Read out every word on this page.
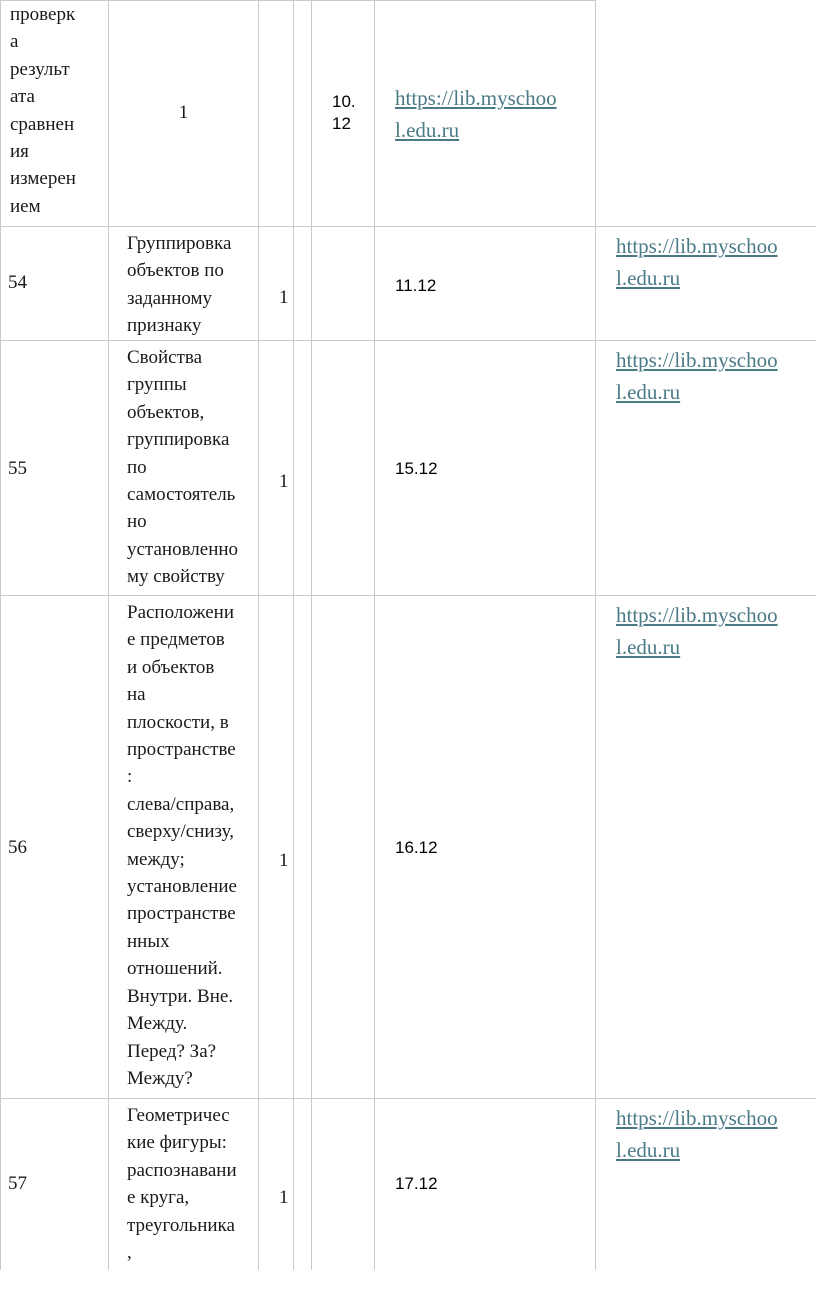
проверк
а
результ
ата
сравнен
ия
измерен
ием
1
10.
12
https://lib.myschoo
l.edu.ru
54
Группировка
объектов по
заданному
признаку
1
11.12
https://lib.myschoo
l.edu.ru
55
Свойства
группы
объектов,
группировка
по
самостоятель
но
установленно
му свойству
1
15.12
https://lib.myschoo
l.edu.ru
56
Расположени
е предметов
и объектов
на
плоскости, в
пространстве
:
слева/справа,
сверху/снизу,
между;
установление
пространстве
нных
отношений.
Внутри. Вне.
Между.
Перед? За?
Между?
1
16.12
https://lib.myschoo
l.edu.ru
57
Геометричес
кие фигуры:
распознавани
е круга,
треугольника
,
1
17.12
https://lib.myschoo
l.edu.ru
